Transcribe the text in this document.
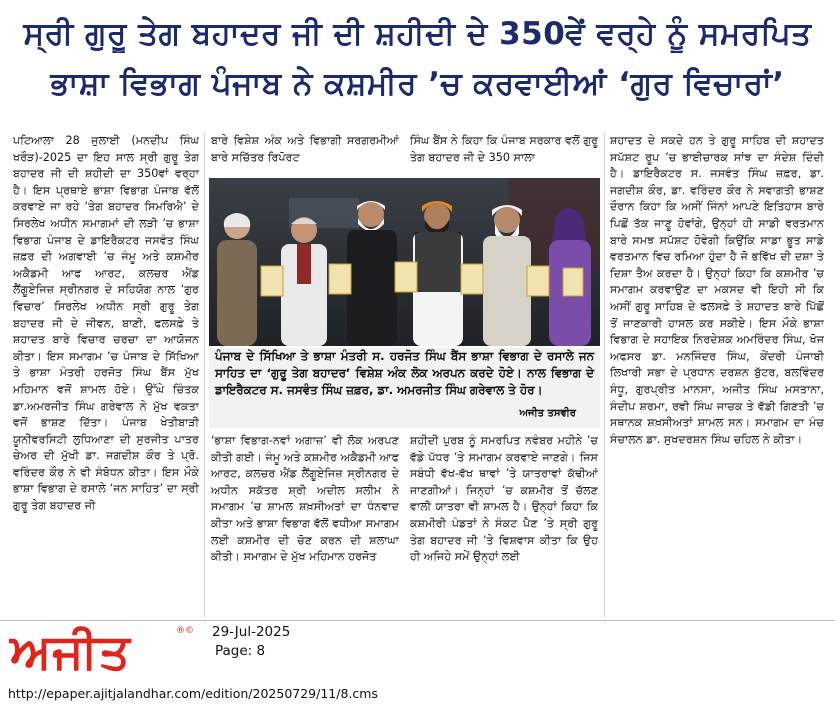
ਸ੍ਰੀ ਗੁਰੂ ਤੇਗ ਬਹਾਦਰ ਜੀ ਦੀ ਸ਼ਹੀਦੀ ਦੇ 350ਵੇਂ ਵਰ੍ਹੇ ਨੂੰ ਸਮਰਪਿਤ
ਭਾਸ਼ਾ ਵਿਭਾਗ ਪੰਜਾਬ ਨੇ ਕਸ਼ਮੀਰ ’ਚ ਕਰਵਾਈਆਂ ‘ਗੁਰ ਵਿਚਾਰਾਂ’

ਪਟਿਆਲਾ 28 ਜੁਲਾਈ (ਮਨਦੀਪ ਸਿੰਘ ਖਰੌੜ)-2025 ਦਾ ਇਹ ਸਾਲ ਸ੍ਰੀ ਗੁਰੂ ਤੇਗ ਬਹਾਦਰ ਜੀ ਦੀ ਸ਼ਹੀਦੀ ਦਾ 350ਵਾਂ ਵਰ੍ਹਾ ਹੈ। ਇਸ ਪ੍ਰਥਾਏ ਭਾਸ਼ਾ ਵਿਭਾਗ ਪੰਜਾਬ ਵੱਲੋਂ ਕਰਵਾਏ ਜਾ ਰਹੇ ‘ਤੇਗ ਬਹਾਦਰ ਸਿਮਰਿਐ’ ਦੇ ਸਿਰਲੇਖ ਅਧੀਨ ਸਮਾਗਮਾਂ ਦੀ ਲੜੀ ’ਚ ਭਾਸ਼ਾ ਵਿਭਾਗ ਪੰਜਾਬ ਦੇ ਡਾਇਰੈਕਟਰ ਜਸਵੰਤ ਸਿੰਘ ਜ਼ਫ਼ਰ ਦੀ ਅਗਵਾਈ ’ਚ ਜੰਮੂ ਅਤੇ ਕਸ਼ਮੀਰ ਅਕੈਡਮੀ ਆਫ ਆਰਟ, ਕਲਚਰ ਐਂਡ ਲੈਂਗੂਏਜਿਜ਼ ਸ੍ਰੀਨਗਰ ਦੇ ਸਹਿਯੋਗ ਨਾਲ ‘ਗੁਰ ਵਿਚਾਰ’ ਸਿਰਲੇਖ ਅਧੀਨ ਸ੍ਰੀ ਗੁਰੂ ਤੇਗ ਬਹਾਦਰ ਜੀ ਦੇ ਜੀਵਨ, ਬਾਣੀ, ਫਲਸਫ਼ੇ ਤੇ ਸ਼ਹਾਦਤ ਬਾਰੇ ਵਿਚਾਰ ਚਰਚਾ ਦਾ ਆਯੋਜਨ ਕੀਤਾ। ਇਸ ਸਮਾਗਮ ’ਚ ਪੰਜਾਬ ਦੇ ਸਿੱਖਿਆ ਤੇ ਭਾਸ਼ਾ ਮੰਤਰੀ ਹਰਜੋਤ ਸਿੰਘ ਬੈਂਸ ਮੁੱਖ ਮਹਿਮਾਨ ਵਜੋਂ ਸ਼ਾਮਲ ਹੋਏ। ਉੱਘੇ ਚਿੰਤਕ ਡਾ.ਅਮਰਜੀਤ ਸਿੰਘ ਗਰੇਵਾਲ ਨੇ ਮੁੱਖ ਵਕਤਾ ਵਜੋਂ ਭਾਸ਼ਣ ਦਿੱਤਾ। ਪੰਜਾਬ ਖੇਤੀਬਾੜੀ ਯੂਨੀਵਰਸਿਟੀ ਲੁਧਿਆਣਾ ਦੀ ਸੁਰਜੀਤ ਪਾਤਰ ਚੇਅਰ ਦੀ ਮੁੱਖੀ ਡਾ. ਜਗਦੀਸ਼ ਕੌਰ ਤੇ ਪ੍ਰੋ. ਵਰਿੰਦਰ ਕੌਰ ਨੇ ਵੀ ਸੰਬੋਧਨ ਕੀਤਾ। ਇਸ ਮੌਕੇ ਭਾਸ਼ਾ ਵਿਭਾਗ ਦੇ ਰਸਾਲੇ ‘ਜਨ ਸਾਹਿਤ’ ਦਾ ਸ੍ਰੀ ਗੁਰੂ ਤੇਗ ਬਹਾਦਰ ਜੀ

ਬਾਰੇ ਵਿਸ਼ੇਸ਼ ਅੰਕ ਅਤੇ ਵਿਭਾਗੀ ਸਰਗਰਮੀਆਂ ਬਾਰੇ ਸਚਿੱਤਰ ਰਿਪੋਰਟ

ਸਿੰਘ ਬੈਂਸ ਨੇ ਕਿਹਾ ਕਿ ਪੰਜਾਬ ਸਰਕਾਰ ਵਲੋਂ ਗੁਰੂ ਤੇਗ ਬਹਾਦਰ ਜੀ ਦੇ 350 ਸਾਲਾ

ਪੰਜਾਬ ਦੇ ਸਿੱਖਿਆ ਤੇ ਭਾਸ਼ਾ ਮੰਤਰੀ ਸ. ਹਰਜੋਤ ਸਿੰਘ ਬੈਂਸ ਭਾਸ਼ਾ ਵਿਭਾਗ ਦੇ ਰਸਾਲੇ ਜਨ ਸਾਹਿਤ ਦਾ ‘ਗੁਰੂ ਤੇਗ ਬਹਾਦਰ’ ਵਿਸ਼ੇਸ਼ ਅੰਕ ਲੋਕ ਅਰਪਨ ਕਰਦੇ ਹੋਏ। ਨਾਲ ਵਿਭਾਗ ਦੇ ਡਾਇਰੈਕਟਰ ਸ. ਜਸਵੰਤ ਸਿੰਘ ਜ਼ਫ਼ਰ, ਡਾ. ਅਮਰਜੀਤ ਸਿੰਘ ਗਰੇਵਾਲ ਤੇ ਹੋਰ।
ਅਜੀਤ ਤਸਵੀਰ

‘ਭਾਸ਼ਾ ਵਿਭਾਗ-ਨਵਾਂ ਅਗਾਜ਼’ ਵੀ ਲੋਕ ਅਰਪਣ ਕੀਤੀ ਗਈ। ਜੰਮੂ ਅਤੇ ਕਸ਼ਮੀਰ ਅਕੈਡਮੀ ਆਫ ਆਰਟ, ਕਲਚਰ ਐਂਡ ਲੈਂਗੂਏਜਿਜ਼ ਸ੍ਰੀਨਗਰ ਦੇ ਅਧੀਨ ਸਕੱਤਰ ਸ਼੍ਰੀ ਅਦੀਲ ਸਲੀਮ ਨੇ ਸਮਾਗਮ ’ਚ ਸ਼ਾਮਲ ਸ਼ਖ਼ਸੀਅਤਾਂ ਦਾ ਧੰਨਵਾਦ ਕੀਤਾ ਅਤੇ ਭਾਸ਼ਾ ਵਿਭਾਗ ਵੱਲੋਂ ਵਧੀਆ ਸਮਾਗਮ ਲਈ ਕਸ਼ਮੀਰ ਦੀ ਚੋਣ ਕਰਨ ਦੀ ਸ਼ਲਾਘਾ ਕੀਤੀ। ਸਮਾਗਮ ਦੇ ਮੁੱਖ ਮਹਿਮਾਨ ਹਰਜੋਤ

ਸ਼ਹੀਦੀ ਪੁਰਬ ਨੂੰ ਸਮਰਪਿਤ ਨਵੰਬਰ ਮਹੀਨੇ ’ਚ ਵੱਡੇ ਪੱਧਰ ’ਤੇ ਸਮਾਗਮ ਕਰਵਾਏ ਜਾਣਗੇ। ਜਿਸ ਸਬੰਧੀ ਵੱਖ-ਵੱਖ ਥਾਵਾਂ ’ਤੇ ਯਾਤਰਾਵਾਂ ਕੱਢੀਆਂ ਜਾਣਗੀਆਂ। ਜਿਨ੍ਹਾਂ ’ਚ ਕਸ਼ਮੀਰ ਤੋਂ ਚੱਲਣ ਵਾਲੀ ਯਾਤਰਾ ਵੀ ਸ਼ਾਮਲ ਹੈ। ਉਨ੍ਹਾਂ ਕਿਹਾ ਕਿ ਕਸ਼ਮੀਰੀ ਪੰਡਤਾਂ ਨੇ ਸੰਕਟ ਪੈਣ ’ਤੇ ਸ੍ਰੀ ਗੁਰੂ ਤੇਗ ਬਹਾਦਰ ਜੀ ’ਤੇ ਵਿਸ਼ਵਾਸ ਕੀਤਾ ਕਿ ਉਹ ਹੀ ਅਜਿਹੇ ਸਮੇਂ ਉਨ੍ਹਾਂ ਲਈ

ਸ਼ਹਾਦਤ ਦੇ ਸਕਦੇ ਹਨ ਤੇ ਗੁਰੂ ਸਾਹਿਬ ਦੀ ਸ਼ਹਾਦਤ ਸਪੱਸ਼ਟ ਰੂਪ ’ਚ ਭਾਈਚਾਰਕ ਸਾਂਝ ਦਾ ਸੰਦੇਸ਼ ਦਿੰਦੀ ਹੈ। ਡਾਇਰੈਕਟਰ ਸ. ਜਸਵੰਤ ਸਿੰਘ ਜ਼ਫ਼ਰ, ਡਾ. ਜਗਦੀਸ਼ ਕੌਰ, ਡਾ. ਵਰਿੰਦਰ ਕੌਰ ਨੇ ਸਵਾਗਤੀ ਭਾਸ਼ਣ ਦੌਰਾਨ ਕਿਹਾ ਕਿ ਅਸੀਂ ਜਿੰਨਾਂ ਆਪਣੇ ਇਤਿਹਾਸ ਬਾਰੇ ਪਿਛੋਂ ਤੱਕ ਜਾਣੂ ਹੋਵਾਂਗੇ, ਉਨ੍ਹਾਂ ਹੀ ਸਾਡੀ ਵਰਤਮਾਨ ਬਾਰੇ ਸਮਝ ਸਪੱਸ਼ਟ ਹੋਵੇਗੀ ਕਿਉਂਕਿ ਸਾਡਾ ਭੂਤ ਸਾਡੇ ਵਰਤਮਾਨ ਵਿਚ ਰਮਿਆ ਹੁੰਦਾ ਹੈ ਜੋ ਭਵਿੱਖ ਦੀ ਦਸ਼ਾ ਤੇ ਦਿਸ਼ਾ ਤੈਅ ਕਰਦਾ ਹੈ। ਉਨ੍ਹਾਂ ਕਿਹਾ ਕਿ ਕਸ਼ਮੀਰ ’ਚ ਸਮਾਗਮ ਕਰਵਾਉਣ ਦਾ ਮਕਸਦ ਵੀ ਇਹੀ ਸੀ ਕਿ ਅਸੀਂ ਗੁਰੂ ਸਾਹਿਬ ਦੇ ਫਲਸਫ਼ੇ ਤੇ ਸ਼ਹਾਦਤ ਬਾਰੇ ਪਿੱਛੋਂ ਤੋਂ ਜਾਣਕਾਰੀ ਹਾਸਲ ਕਰ ਸਕੀਏ। ਇਸ ਮੌਕੇ ਭਾਸ਼ਾ ਵਿਭਾਗ ਦੇ ਸਹਾਇਕ ਨਿਰਦੇਸ਼ਕ ਅਮਰਿੰਦਰ ਸਿੰਘ, ਖੋਜ ਅਫਸਰ ਡਾ. ਮਨਜਿੰਦਰ ਸਿੰਘ, ਕੇਂਦਰੀ ਪੰਜਾਬੀ ਲਿਖਾਰੀ ਸਭਾ ਦੇ ਪ੍ਰਧਾਨ ਦਰਸ਼ਨ ਬੁੱਟਰ, ਬਲਵਿੰਦਰ ਸੰਧੂ, ਗੁਰਪ੍ਰੀਤ ਮਾਨਸਾ, ਅਜੀਤ ਸਿੰਘ ਮਸਤਾਨਾ, ਸੰਦੀਪ ਸ਼ਰਮਾ, ਰਵੀ ਸਿੰਘ ਜਾਚਕ ਤੇ ਵੱਡੀ ਗਿਣਤੀ ’ਚ ਸਥਾਨਕ ਸ਼ਖ਼ਸੀਅਤਾਂ ਸ਼ਾਮਲ ਸਨ। ਸਮਾਗਮ ਦਾ ਮੰਚ ਸੰਚਾਲਨ ਡਾ. ਸੁਖਦਰਸ਼ਨ ਸਿੰਘ ਚਹਿਲ ਨੇ ਕੀਤਾ।

ਅਜੀਤ	®© 29-Jul-2025
Page: 8
http://epaper.ajitjalandhar.com/edition/20250729/11/8.cms
